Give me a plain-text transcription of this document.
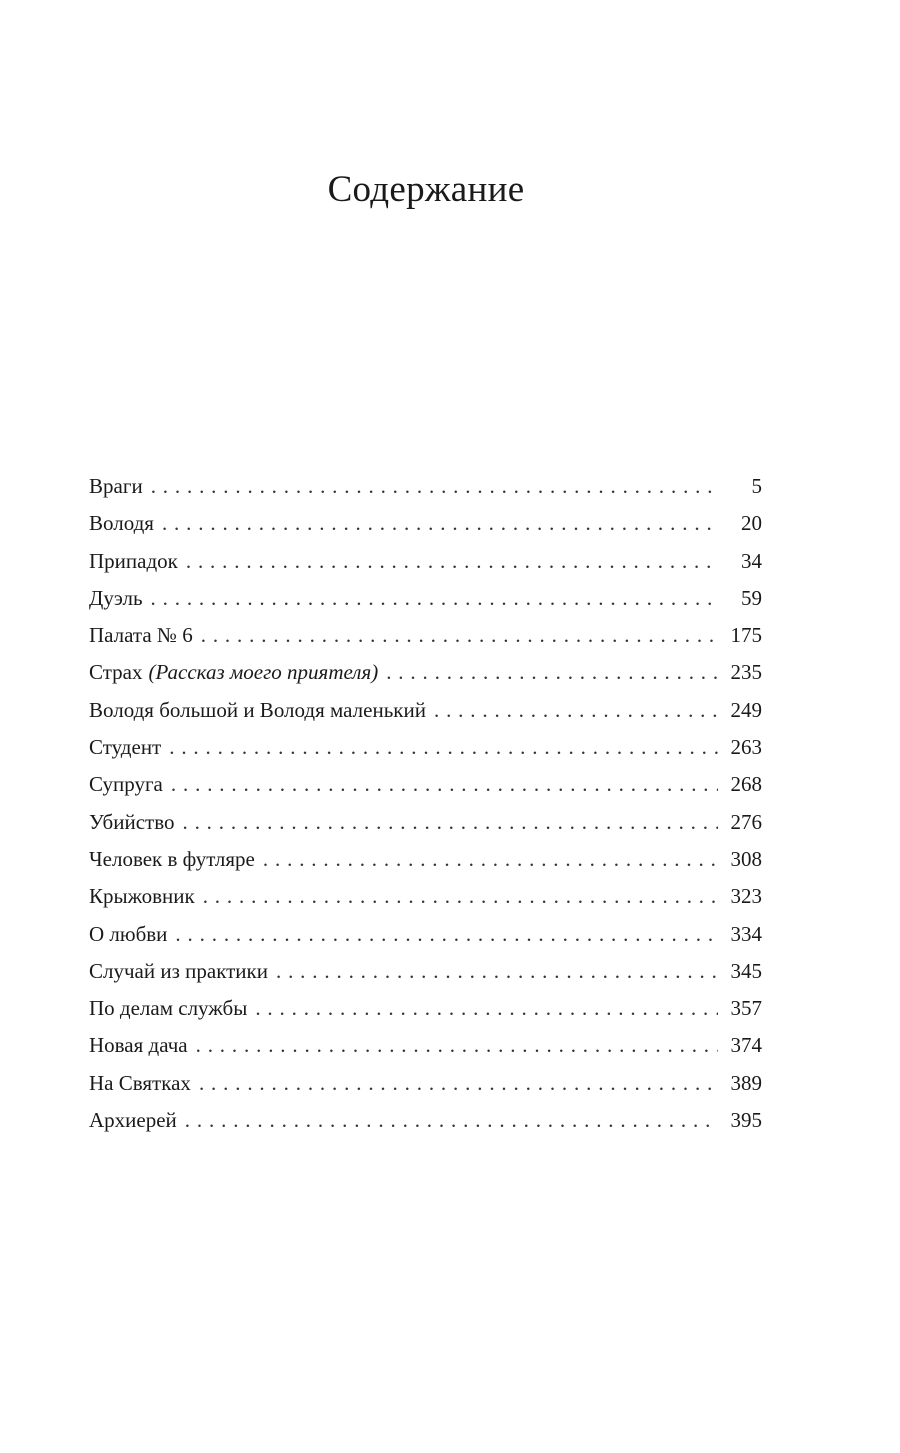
Содержание
Враги . . .	5
Володя . . .	20
Припадок . . .	34
Дуэль . . .	59
Палата № 6 . . .	175
Страх (Рассказ моего приятеля) . . .	235
Володя большой и Володя маленький . . .	249
Студент . . .	263
Супруга . . .	268
Убийство . . .	276
Человек в футляре . . .	308
Крыжовник . . .	323
О любви . . .	334
Случай из практики . . .	345
По делам службы . . .	357
Новая дача . . .	374
На Святках . . .	389
Архиерей . . .	395
